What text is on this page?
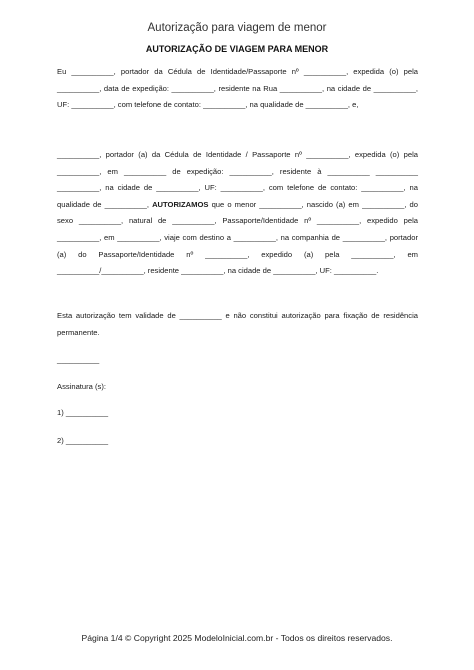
Autorização para viagem de menor
AUTORIZAÇÃO DE VIAGEM PARA MENOR
Eu __________, portador da Cédula de Identidade/Passaporte nº __________, expedida (o) pela __________, data de expedição: __________, residente na Rua __________, na cidade de __________, UF: __________, com telefone de contato: __________, na qualidade de __________, e,
__________, portador (a) da Cédula de Identidade / Passaporte nº __________, expedida (o) pela __________, em __________ de expedição: __________, residente à __________ __________ __________, na cidade de __________, UF: __________, com telefone de contato: __________, na qualidade de __________, AUTORIZAMOS que o menor __________, nascido (a) em __________, do sexo __________, natural de __________, Passaporte/Identidade nº __________, expedido pela __________, em __________, viaje com destino a __________, na companhia de __________, portador (a) do Passaporte/Identidade nº __________, expedido (a) pela __________, em __________/__________, residente __________, na cidade de __________, UF: __________.
Esta autorização tem validade de __________ e não constitui autorização para fixação de residência permanente.
__________
Assinatura (s):
1) __________
2) __________
Página 1/4 © Copyright 2025 ModeloInicial.com.br - Todos os direitos reservados.
